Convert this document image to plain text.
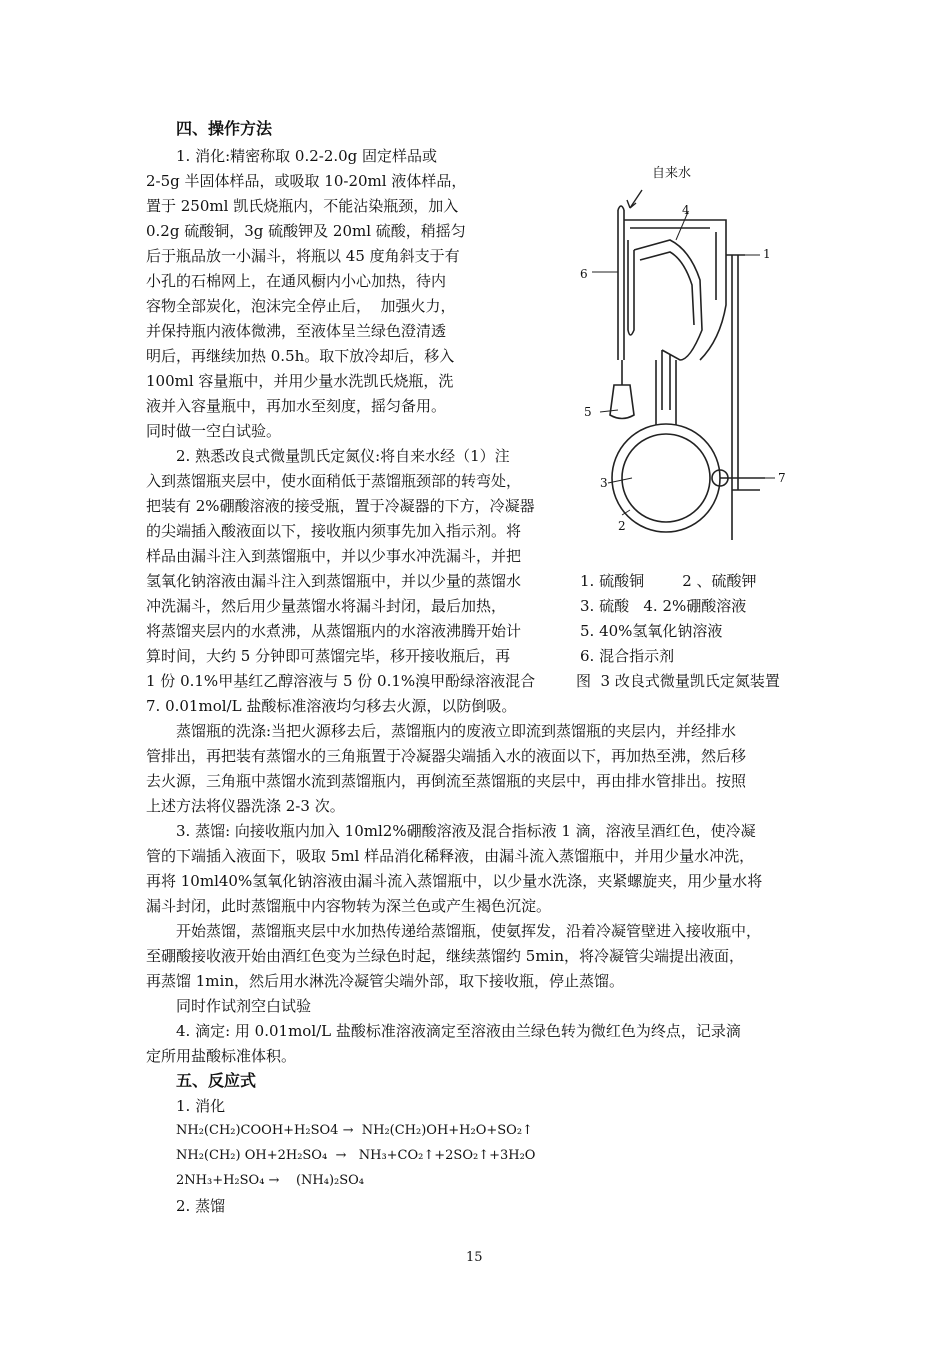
四、操作方法
1. 消化:精密称取 0.2-2.0g 固定样品或
2-5g 半固体样品，或吸取 10-20ml 液体样品，
置于 250ml 凯氏烧瓶内，不能沾染瓶颈，加入
0.2g 硫酸铜，3g 硫酸钾及 20ml 硫酸，稍摇匀
后于瓶品放一小漏斗，将瓶以 45 度角斜支于有
小孔的石棉网上，在通风橱内小心加热，待内
容物全部炭化，泡沫完全停止后，  加强火力，
并保持瓶内液体微沸，至液体呈兰绿色澄清透
明后，再继续加热 0.5h。取下放冷却后，移入
100ml 容量瓶中，并用少量水洗凯氏烧瓶，洗
液并入容量瓶中，再加水至刻度，摇匀备用。
同时做一空白试验。
2. 熟悉改良式微量凯氏定氮仪:将自来水经（1）注
入到蒸馏瓶夹层中，使水面稍低于蒸馏瓶颈部的转弯处，
把装有 2%硼酸溶液的接受瓶，置于冷凝器的下方，冷凝器
的尖端插入酸液面以下，接收瓶内须事先加入指示剂。将
样品由漏斗注入到蒸馏瓶中，并以少事水冲洗漏斗，并把
氢氧化钠溶液由漏斗注入到蒸馏瓶中，并以少量的蒸馏水
冲洗漏斗，然后用少量蒸馏水将漏斗封闭，最后加热，
将蒸馏夹层内的水煮沸，从蒸馏瓶内的水溶液沸腾开始计
算时间，大约 5 分钟即可蒸馏完毕，移开接收瓶后，再
1 份 0.1%甲基红乙醇溶液与 5 份 0.1%溴甲酚绿溶液混合
7. 0.01mol/L 盐酸标准溶液均匀移去火源，以防倒吸。
自来水
1
2
3
4
5
6
7
1. 硫酸铜        2 、硫酸钾
3. 硫酸   4. 2%硼酸溶液
5. 40%氢氧化钠溶液
6. 混合指示剂
图  3 改良式微量凯氏定氮装置
蒸馏瓶的洗涤:当把火源移去后，蒸馏瓶内的废液立即流到蒸馏瓶的夹层内，并经排水
管排出，再把装有蒸馏水的三角瓶置于冷凝器尖端插入水的液面以下，再加热至沸，然后移
去火源，三角瓶中蒸馏水流到蒸馏瓶内，再倒流至蒸馏瓶的夹层中，再由排水管排出。按照
上述方法将仪器洗涤 2-3 次。
3. 蒸馏: 向接收瓶内加入 10ml2%硼酸溶液及混合指标液 1 滴，溶液呈酒红色，使冷凝
管的下端插入液面下，吸取 5ml 样品消化稀释液，由漏斗流入蒸馏瓶中，并用少量水冲洗，
再将 10ml40%氢氧化钠溶液由漏斗流入蒸馏瓶中，以少量水洗涤，夹紧螺旋夹，用少量水将
漏斗封闭，此时蒸馏瓶中内容物转为深兰色或产生褐色沉淀。
开始蒸馏，蒸馏瓶夹层中水加热传递给蒸馏瓶，使氨挥发，沿着冷凝管壁进入接收瓶中，
至硼酸接收液开始由酒红色变为兰绿色时起，继续蒸馏约 5min，将冷凝管尖端提出液面，
再蒸馏 1min，然后用水淋洗冷凝管尖端外部，取下接收瓶，停止蒸馏。
同时作试剂空白试验
4. 滴定: 用 0.01mol/L 盐酸标准溶液滴定至溶液由兰绿色转为微红色为终点，记录滴
定所用盐酸标准体积。
五、反应式
1. 消化
NH₂(CH₂)COOH+H₂SO4 →  NH₂(CH₂)OH+H₂O+SO₂↑
NH₂(CH₂) OH+2H₂SO₄  →   NH₃+CO₂↑+2SO₂↑+3H₂O
2NH₃+H₂SO₄ →    (NH₄)₂SO₄
2. 蒸馏
15
